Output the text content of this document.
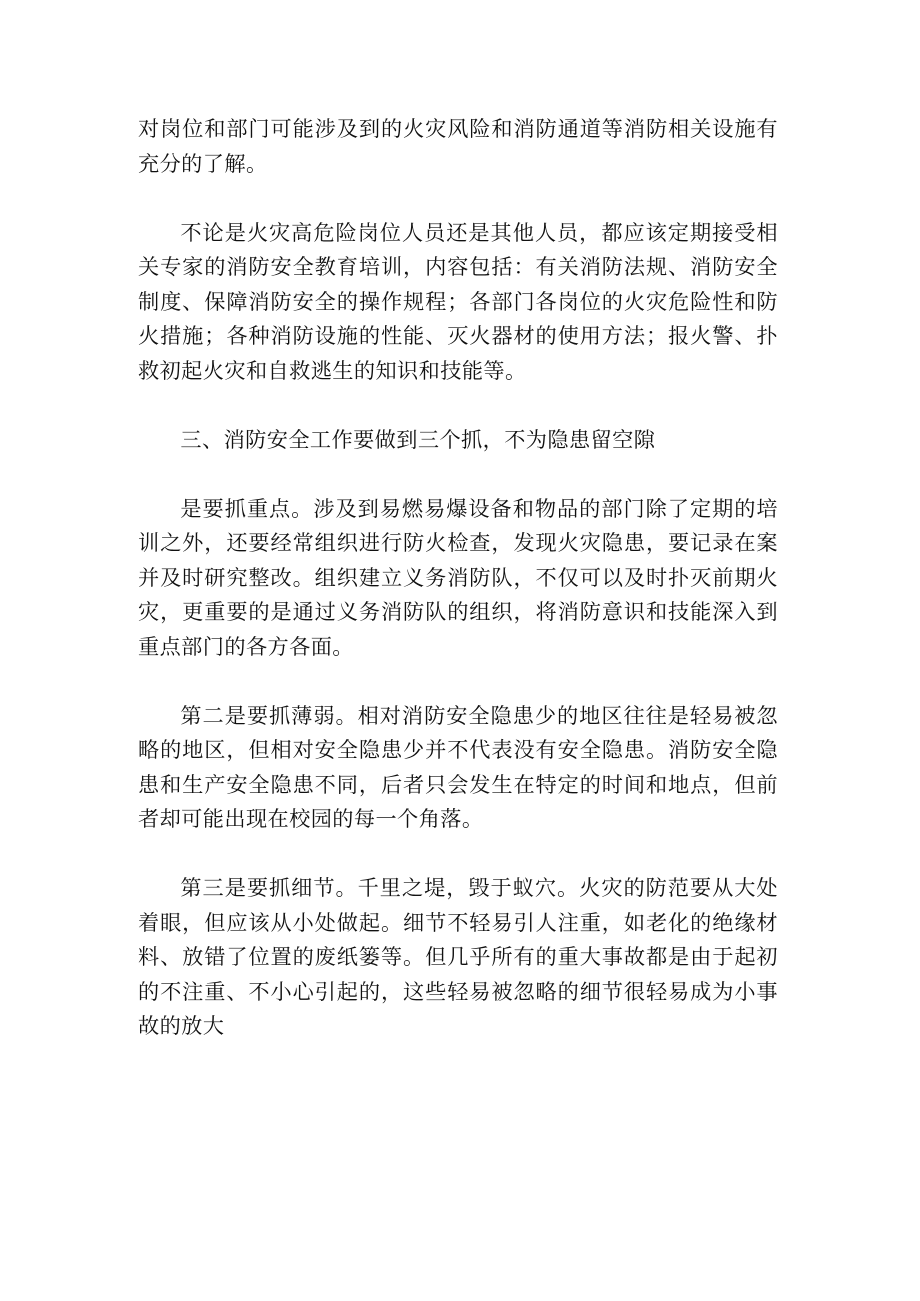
对岗位和部门可能涉及到的火灾风险和消防通道等消防相关设施有充分的了解。

不论是火灾高危险岗位人员还是其他人员，都应该定期接受相关专家的消防安全教育培训，内容包括：有关消防法规、消防安全制度、保障消防安全的操作规程；各部门各岗位的火灾危险性和防火措施；各种消防设施的性能、灭火器材的使用方法；报火警、扑救初起火灾和自救逃生的知识和技能等。

三、消防安全工作要做到三个抓，不为隐患留空隙

是要抓重点。涉及到易燃易爆设备和物品的部门除了定期的培训之外，还要经常组织进行防火检查，发现火灾隐患，要记录在案并及时研究整改。组织建立义务消防队，不仅可以及时扑灭前期火灾，更重要的是通过义务消防队的组织，将消防意识和技能深入到重点部门的各方各面。

第二是要抓薄弱。相对消防安全隐患少的地区往往是轻易被忽略的地区，但相对安全隐患少并不代表没有安全隐患。消防安全隐患和生产安全隐患不同，后者只会发生在特定的时间和地点，但前者却可能出现在校园的每一个角落。

第三是要抓细节。千里之堤，毁于蚁穴。火灾的防范要从大处着眼，但应该从小处做起。细节不轻易引人注重，如老化的绝缘材料、放错了位置的废纸篓等。但几乎所有的重大事故都是由于起初的不注重、不小心引起的，这些轻易被忽略的细节很轻易成为小事故的放大
